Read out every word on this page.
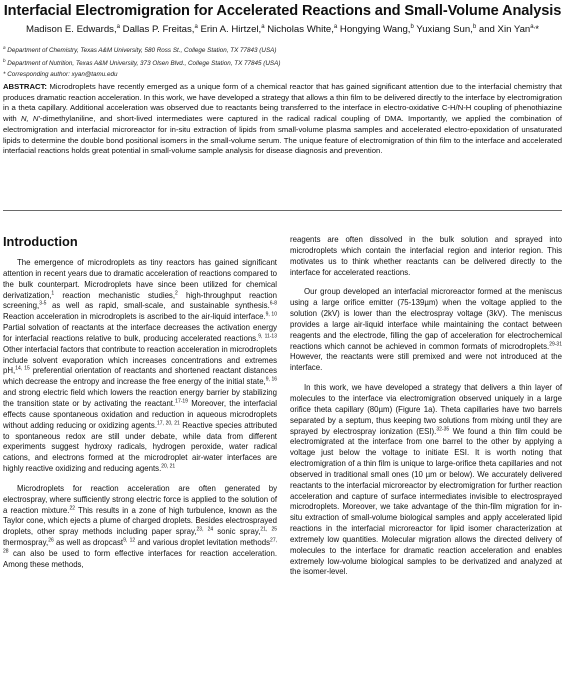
Interfacial Electromigration for Accelerated Reactions and Small-Volume Analysis
Madison E. Edwards,$^a$ Dallas P. Freitas,$^a$ Erin A. Hirtzel,$^a$ Nicholas White,$^a$ Hongying Wang,$^b$ Yuxiang Sun,$^b$ and Xin Yan$^{a,}$*
$^a$ Department of Chemistry, Texas A&M University, 580 Ross St., College Station, TX 77843 (USA)
$^b$ Department of Nutrition, Texas A&M University, 373 Olsen Blvd., College Station, TX 77845 (USA)
* Corresponding author: xyan@tamu.edu
ABSTRACT: Microdroplets have recently emerged as a unique form of a chemical reactor that has gained significant attention due to the interfacial chemistry that produces dramatic reaction acceleration. In this work, we have developed a strategy that allows a thin film to be delivered directly to the interface by electromigration in a theta capillary. Additional acceleration was observed due to reactants being transferred to the interface in electro-oxidative C-H/N-H coupling of phenothiazine with N, N'-dimethylaniline, and short-lived intermediates were captured in the radical radical coupling of DMA. Importantly, we applied the combination of electromigration and interfacial microreactor for in-situ extraction of lipids from small-volume plasma samples and accelerated electro-epoxidation of unsaturated lipids to determine the double bond positional isomers in the small-volume serum. The unique feature of electromigration of thin film to the interface and accelerated interfacial reactions holds great potential in small-volume sample analysis for disease diagnosis and prevention.
Introduction

The emergence of microdroplets as tiny reactors has gained significant attention in recent years due to dramatic acceleration of reactions compared to the bulk counterpart. Microdroplets have since been utilized for chemical derivatization,$^1$ reaction mechanistic studies,$^2$ high-throughput reaction screening,$^{3-5}$ as well as rapid, small-scale, and sustainable synthesis.$^{6-8}$ Reaction acceleration in microdroplets is ascribed to the air-liquid interface.$^{9, 10}$ Partial solvation of reactants at the interface decreases the activation energy for interfacial reactions relative to bulk, producing accelerated reactions.$^{9, 11-13}$ Other interfacial factors that contribute to reaction acceleration in microdroplets include solvent evaporation which increases concentrations and extremes pH,$^{14, 15}$ preferential orientation of reactants and shortened reactant distances which decrease the entropy and increase the free energy of the initial state,$^{9, 16}$ and strong electric field which lowers the reaction energy barrier by stabilizing the transition state or by activating the reactant.$^{17-19}$ Moreover, the interfacial effects cause spontaneous oxidation and reduction in aqueous microdroplets without adding reducing or oxidizing agents.$^{17, 20, 21}$ Reactive species attributed to spontaneous redox are still under debate, while data from different experiments suggest hydroxy radicals, hydrogen peroxide, water radical cations, and electrons formed at the microdroplet air-water interfaces are highly reactive oxidizing and reducing agents.$^{20, 21}$

Microdroplets for reaction acceleration are often generated by electrospray, where sufficiently strong electric force is applied to the solution of a reaction mixture.$^{22}$ This results in a zone of high turbulence, known as the Taylor cone, which ejects a plume of charged droplets. Besides electrosprayed droplets, other spray methods including paper spray,$^{23,}$ $^{24}$ sonic spray,$^{21,}$ $^{25}$ thermospray,$^{26}$ as well as dropcast$^{9,}$ $^{12}$ and various droplet levitation methods$^{27,}$ $^{28}$ can also be used to form effective interfaces for reaction acceleration. Among these methods,

reagents are often dissolved in the bulk solution and sprayed into microdroplets which contain the interfacial region and interior region. This motivates us to think whether reactants can be delivered directly to the interface for accelerated reactions.

Our group developed an interfacial microreactor formed at the meniscus using a large orifice emitter (75-139µm) when the voltage applied to the solution (2kV) is lower than the electrospray voltage (3kV). The meniscus provides a large air-liquid interface while maintaining the contact between reagents and the electrode, filling the gap of acceleration for electrochemical reactions which cannot be achieved in common formats of microdroplets.$^{29-31}$ However, the reactants were still premixed and were not introduced at the interface.

In this work, we have developed a strategy that delivers a thin layer of molecules to the interface via electromigration observed uniquely in a large orifice theta capillary (80µm) (Figure 1a). Theta capillaries have two barrels separated by a septum, thus keeping two solutions from mixing until they are sprayed by electrospray ionization (ESI).$^{32-35}$ We found a thin film could be electromigrated at the interface from one barrel to the other by applying a voltage just below the voltage to initiate ESI. It is worth noting that electromigration of a thin film is unique to large-orifice theta capillaries and not observed in traditional small ones (10 µm or below). We accurately delivered reactants to the interfacial microreactor by electromigration for further reaction acceleration and capture of surface intermediates invisible to electrosprayed microdroplets. Moreover, we take advantage of the thin-film migration for in-situ extraction of small-volume biological samples and apply accelerated lipid reactions in the interfacial microreactor for lipid isomer characterization at extremely low quantities. Molecular migration allows the directed delivery of molecules to the interface for dramatic reaction acceleration and enables extremely low-volume biological samples to be derivatized and analyzed at the isomer-level.
